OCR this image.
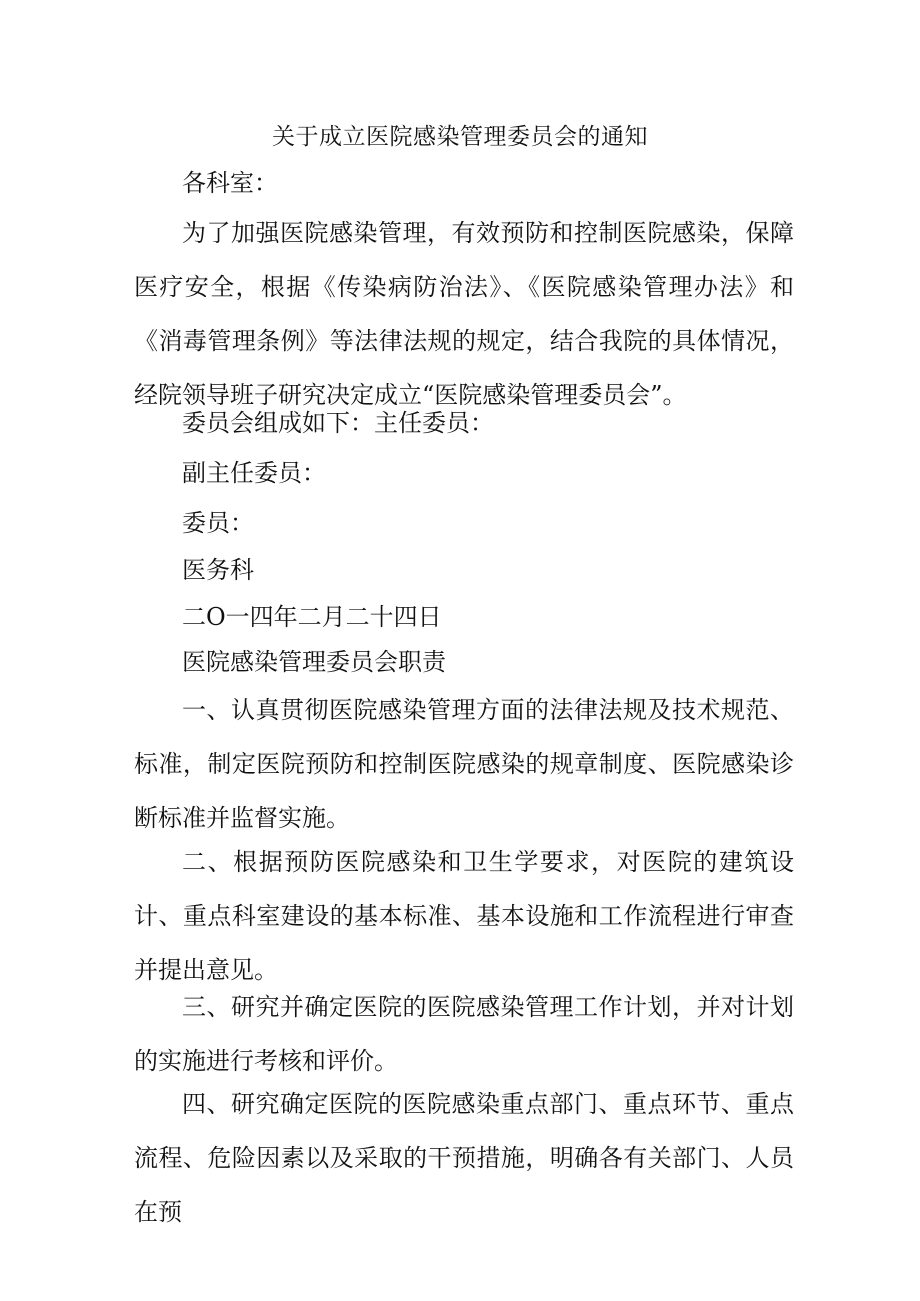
关于成立医院感染管理委员会的通知
各科室：

为了加强医院感染管理，有效预防和控制医院感染，保障医疗安全，根据《传染病防治法》、《医院感染管理办法》和《消毒管理条例》等法律法规的规定，结合我院的具体情况，经院领导班子研究决定成立“医院感染管理委员会”。

委员会组成如下：主任委员：
副主任委员：
委员：
医务科
二O一四年二月二十四日
医院感染管理委员会职责

一、认真贯彻医院感染管理方面的法律法规及技术规范、标准，制定医院预防和控制医院感染的规章制度、医院感染诊断标准并监督实施。

二、根据预防医院感染和卫生学要求，对医院的建筑设计、重点科室建设的基本标准、基本设施和工作流程进行审查并提出意见。

三、研究并确定医院的医院感染管理工作计划，并对计划的实施进行考核和评价。

四、研究确定医院的医院感染重点部门、重点环节、重点流程、危险因素以及采取的干预措施，明确各有关部门、人员在预
